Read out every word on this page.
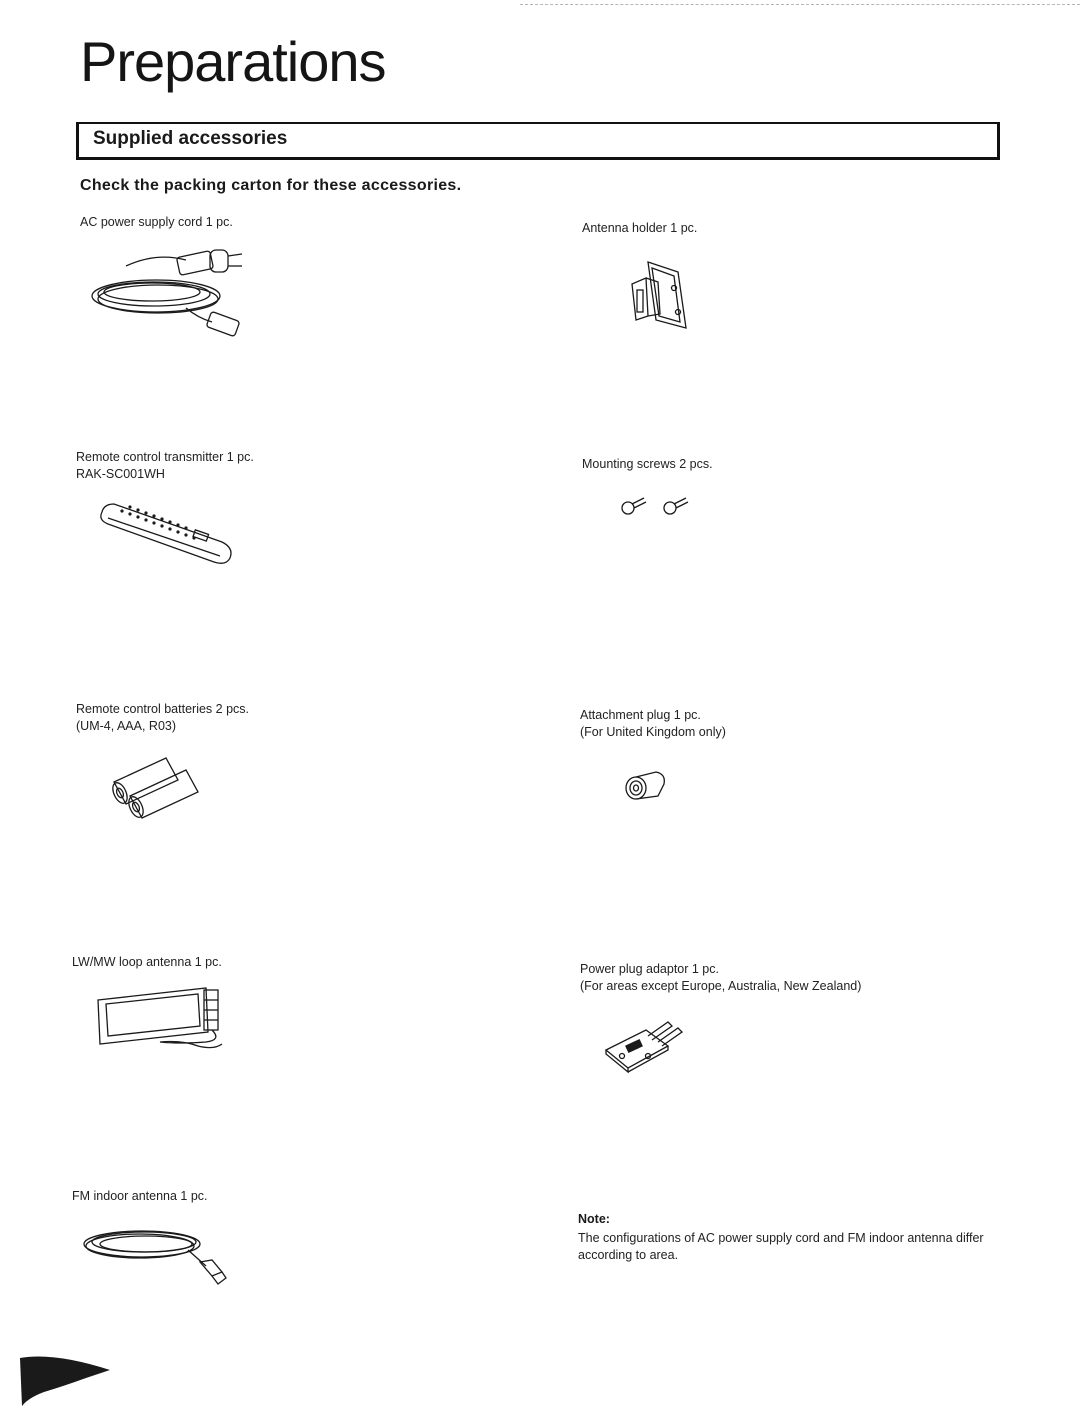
Preparations
Supplied accessories
Check the packing carton for these accessories.
AC power supply cord 1 pc.	Antenna holder 1 pc.
Remote control transmitter 1 pc.
RAK-SC001WH
Mounting screws 2 pcs.
Remote control batteries 2 pcs.
(UM-4, AAA, R03)
Attachment plug 1 pc.
(For United Kingdom only)
LW/MW loop antenna 1 pc.	Power plug adaptor 1 pc.
(For areas except Europe, Australia, New Zealand)
FM indoor antenna 1 pc.
Note:
The configurations of AC power supply cord and FM indoor antenna differ according to area.
